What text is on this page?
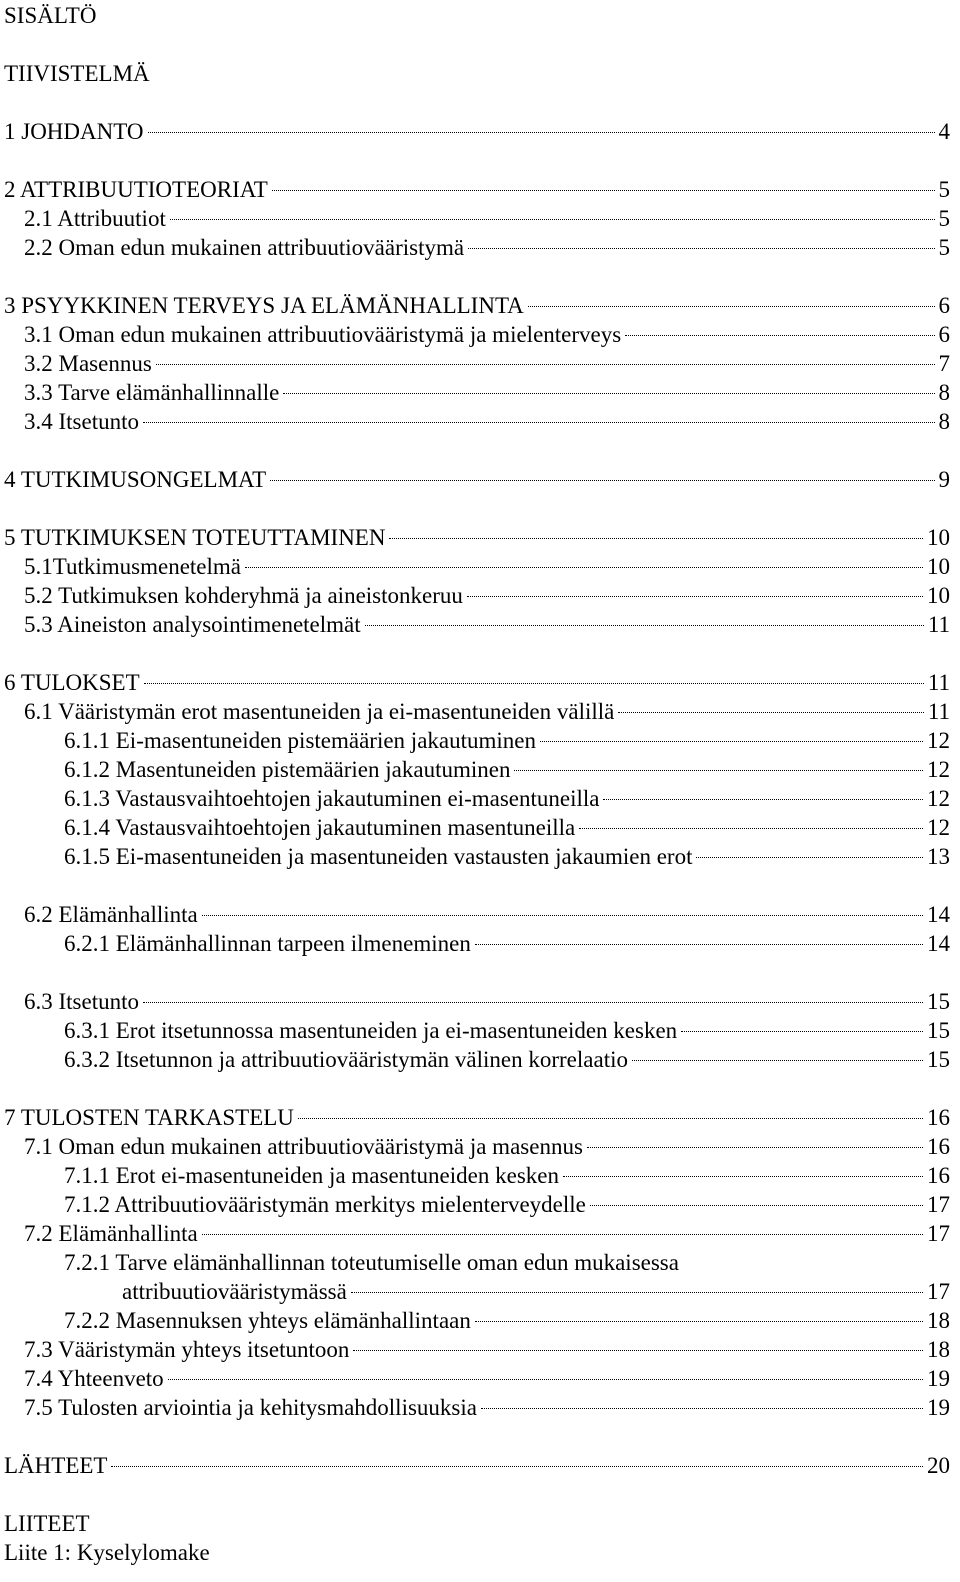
SISÄLTÖ
TIIVISTELMÄ
1 JOHDANTO	4
2 ATTRIBUUTIOTEORIAT	5
2.1 Attribuutiot	5
2.2 Oman edun mukainen attribuutiovääristymä	5
3 PSYYKKINEN TERVEYS JA ELÄMÄNHALLINTA	6
3.1 Oman edun mukainen attribuutiovääristymä ja mielenterveys	6
3.2 Masennus	7
3.3 Tarve elämänhallinnalle	8
3.4 Itsetunto	8
4 TUTKIMUSONGELMAT	9
5 TUTKIMUKSEN TOTEUTTAMINEN	10
5.1Tutkimusmenetelmä	10
5.2 Tutkimuksen kohderyhmä ja aineistonkeruu	10
5.3 Aineiston analysointimenetelmät	11
6 TULOKSET	11
6.1 Vääristymän erot masentuneiden ja ei-masentuneiden välillä	11
6.1.1 Ei-masentuneiden pistemäärien jakautuminen	12
6.1.2 Masentuneiden pistemäärien jakautuminen	12
6.1.3 Vastausvaihtoehtojen jakautuminen ei-masentuneilla	12
6.1.4 Vastausvaihtoehtojen jakautuminen masentuneilla	12
6.1.5 Ei-masentuneiden ja masentuneiden vastausten jakaumien erot	13
6.2 Elämänhallinta	14
6.2.1 Elämänhallinnan tarpeen ilmeneminen	14
6.3 Itsetunto	15
6.3.1 Erot itsetunnossa masentuneiden ja ei-masentuneiden kesken	15
6.3.2 Itsetunnon ja attribuutiovääristymän välinen korrelaatio	15
7 TULOSTEN TARKASTELU	16
7.1 Oman edun mukainen attribuutiovääristymä ja masennus	16
7.1.1 Erot ei-masentuneiden ja masentuneiden kesken	16
7.1.2 Attribuutiovääristymän merkitys mielenterveydelle	17
7.2 Elämänhallinta	17
7.2.1 Tarve elämänhallinnan toteutumiselle oman edun mukaisessa
attribuutiovääristymässä	17
7.2.2 Masennuksen yhteys elämänhallintaan	18
7.3 Vääristymän yhteys itsetuntoon	18
7.4 Yhteenveto	19
7.5 Tulosten arviointia ja kehitysmahdollisuuksia	19
LÄHTEET	20
LIITEET
Liite 1: Kyselylomake
